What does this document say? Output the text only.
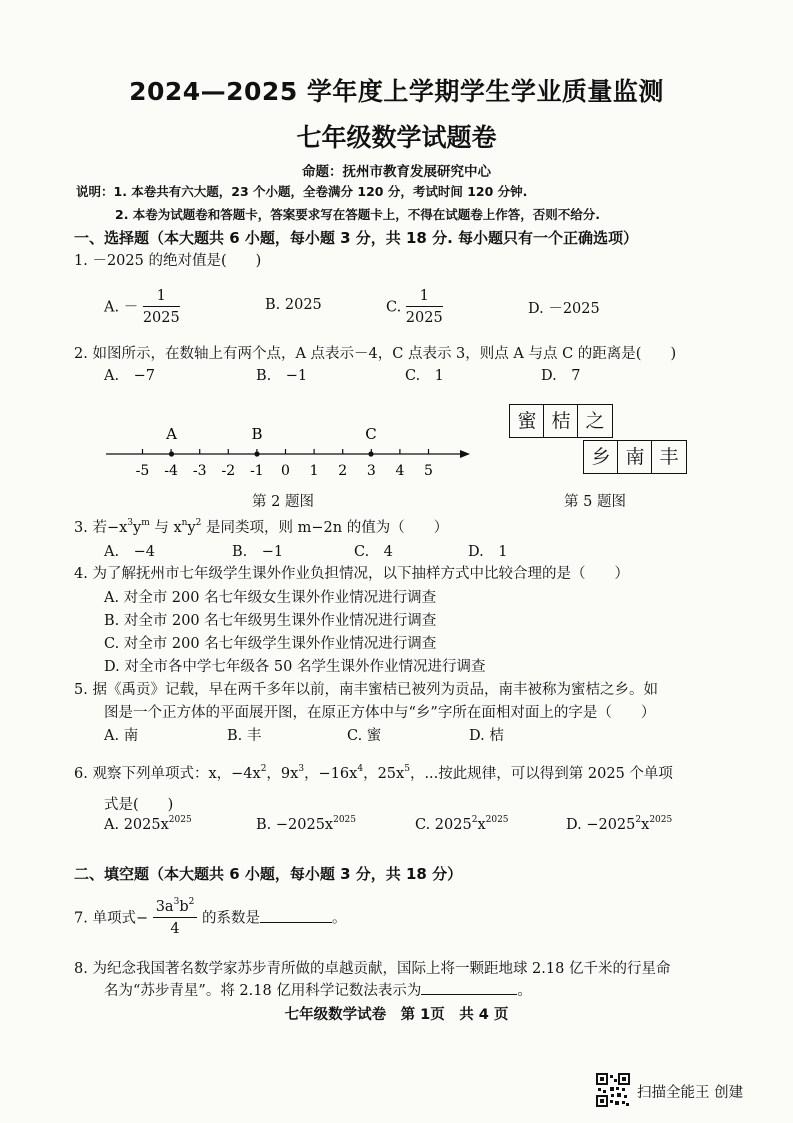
2024—2025 学年度上学期学生学业质量监测
七年级数学试题卷
命题：抚州市教育发展研究中心
说明：1. 本卷共有六大题，23 个小题，全卷满分 120 分，考试时间 120 分钟.
2. 本卷为试题卷和答题卡，答案要求写在答题卡上，不得在试题卷上作答，否则不给分.
一、选择题（本大题共 6 小题，每小题 3 分，共 18 分. 每小题只有一个正确选项）
1. －2025 的绝对值是(　　)
A. － $\frac{1}{2025}$	B. 2025	C. $\frac{1}{2025}$	D. －2025
2. 如图所示，在数轴上有两个点，A 点表示－4，C 点表示 3，则点 A 与点 C 的距离是(　　)
A.　−7	B.　−1	C.　1	D.　7
-5 -4 -3 -2 -1 0 1 2 3 4 5
A	B	C
第 2 题图
蜜 桔 之
乡 南 丰
第 5 题图
3. 若$-x^3y^m$ 与 $x^ny^2$ 是同类项，则 m−2n 的值为（　　）
A.　−4	B.　−1	C.　4	D.　1
4. 为了解抚州市七年级学生课外作业负担情况，以下抽样方式中比较合理的是（　　）
A. 对全市 200 名七年级女生课外作业情况进行调查
B. 对全市 200 名七年级男生课外作业情况进行调查
C. 对全市 200 名七年级学生课外作业情况进行调查
D. 对全市各中学七年级各 50 名学生课外作业情况进行调查
5. 据《禹贡》记载，早在两千多年以前，南丰蜜桔已被列为贡品，南丰被称为蜜桔之乡。如
图是一个正方体的平面展开图，在原正方体中与“乡”字所在面相对面上的字是（　　）
A. 南	B. 丰	C. 蜜	D. 桔
6. 观察下列单项式：x，$-4x^2$，$9x^3$，$-16x^4$，$25x^5$，...按此规律，可以得到第 2025 个单项
式是(　　)
A. $2025x^{2025}$	B. $-2025x^{2025}$	C. $2025^2x^{2025}$	D. $-2025^2x^{2025}$
二、填空题（本大题共 6 小题，每小题 3 分，共 18 分）
7. 单项式− $\frac{3a^3b^2}{4}$ 的系数是	。
8. 为纪念我国著名数学家苏步青所做的卓越贡献，国际上将一颗距地球 2.18 亿千米的行星命
名为“苏步青星”。将 2.18 亿用科学记数法表示为	。
七年级数学试卷　第 1页　共 4 页
扫描全能王 创建
